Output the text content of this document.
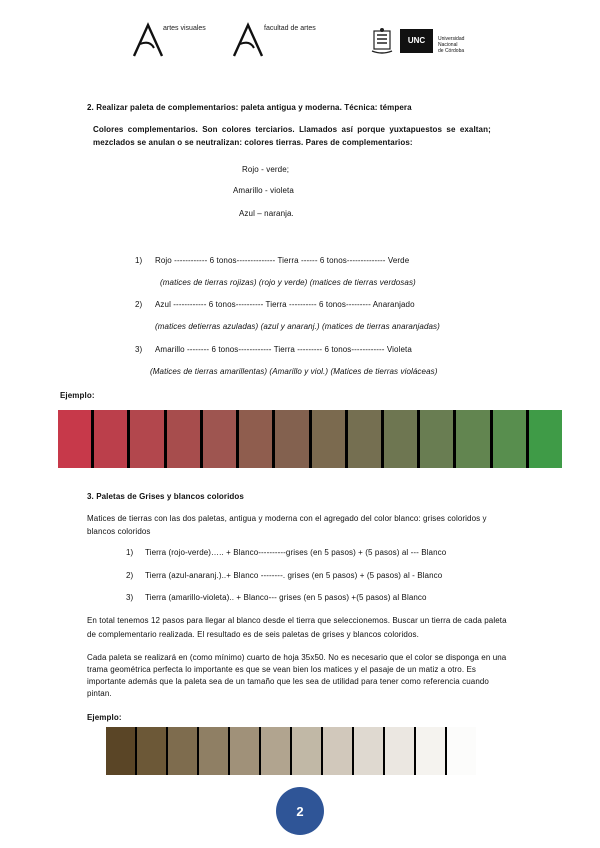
artes visuales	facultad de artes
UNC	Universidad
Nacional
de Córdoba
2. Realizar paleta de complementarios: paleta antigua y moderna. Técnica: témpera
Colores complementarios. Son colores terciarios. Llamados así porque yuxtapuestos se exaltan;
mezclados se anulan o se neutralizan: colores tierras. Pares de complementarios:
Rojo - verde;
Amarillo - violeta
Azul – naranja.
1) Rojo ------------ 6 tonos-------------- Tierra ------ 6 tonos-------------- Verde
(matices de tierras rojizas) (rojo y verde) (matices de tierras verdosas)
2) Azul ------------ 6 tonos---------- Tierra ---------- 6 tonos--------- Anaranjado
(matices detierras azuladas) (azul y anaranj.) (matices de tierras anaranjadas)
3) Amarillo -------- 6 tonos------------ Tierra --------- 6 tonos------------ Violeta
(Matices de tierras amarillentas) (Amarillo y viol.) (Matices de tierras violáceas)
Ejemplo:
3. Paletas de Grises y blancos coloridos
Matices de tierras con las dos paletas, antigua y moderna con el agregado del color blanco: grises coloridos y
blancos coloridos
1) Tierra (rojo-verde)….. + Blanco----------grises (en 5 pasos) + (5 pasos) al --- Blanco
2) Tierra (azul-anaranj.)..+ Blanco --------. grises (en 5 pasos) + (5 pasos) al - Blanco
3) Tierra (amarillo-violeta).. + Blanco--- grises (en 5 pasos) +(5 pasos) al Blanco
En total tenemos 12 pasos para llegar al blanco desde el tierra que seleccionemos. Buscar un tierra de cada paleta
de complementario realizada. El resultado es de seis paletas de grises y blancos coloridos.
Cada paleta se realizará en (como mínimo) cuarto de hoja 35x50. No es necesario que el color se disponga en una
trama geométrica perfecta lo importante es que se vean bien los matices y el pasaje de un matiz a otro. Es
importante además que la paleta sea de un tamaño que les sea de utilidad para tener como referencia cuando
pintan.
Ejemplo:
2
